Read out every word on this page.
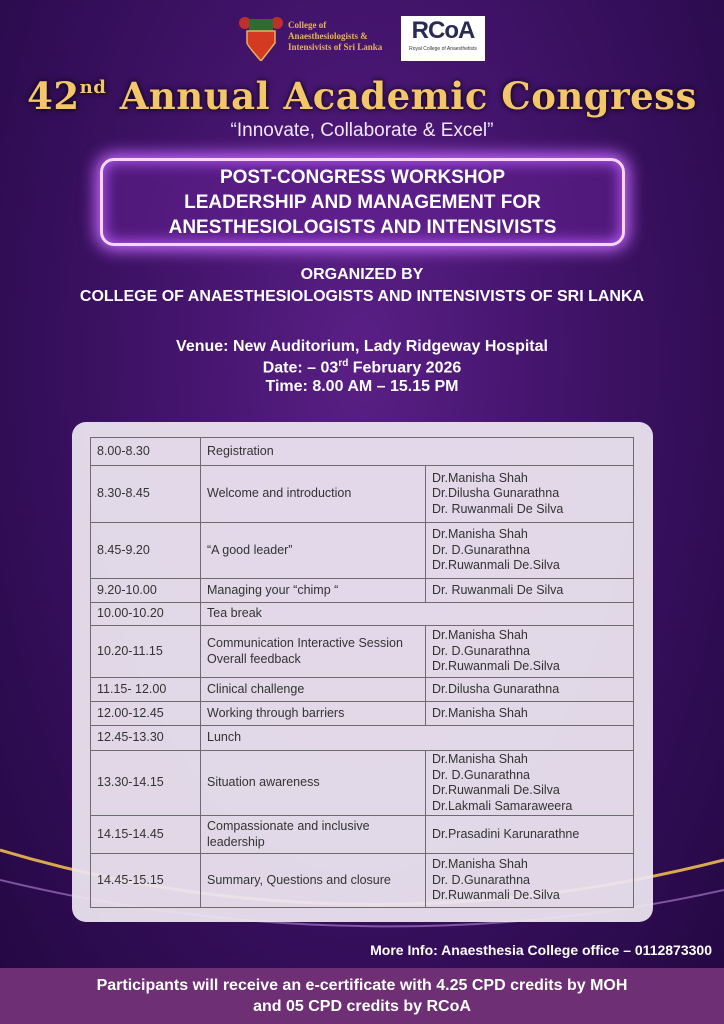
College of
Anaesthesiologists &
Intensivists of Sri Lanka
RCoA
Royal College of Anaesthetists
42nd Annual Academic Congress
“Innovate, Collaborate & Excel”
POST-CONGRESS WORKSHOP
LEADERSHIP AND MANAGEMENT FOR
ANESTHESIOLOGISTS AND INTENSIVISTS
ORGANIZED BY
COLLEGE OF ANAESTHESIOLOGISTS AND INTENSIVISTS OF SRI LANKA
Venue: New Auditorium, Lady Ridgeway Hospital
Date: – 03rd February 2026
Time: 8.00 AM – 15.15 PM
8.00-8.30	Registration	
8.30-8.45	Welcome and introduction	Dr.Manisha Shah
Dr.Dilusha Gunarathna
Dr. Ruwanmali De Silva

8.45-9.20	“A good leader”	Dr.Manisha Shah
Dr. D.Gunarathna
Dr.Ruwanmali De.Silva

9.20-10.00	Managing your “chimp “	Dr. Ruwanmali De Silva

10.00-10.20	Tea break	
10.20-11.15	Communication Interactive Session Overall feedback	Dr.Manisha Shah
Dr. D.Gunarathna
Dr.Ruwanmali De.Silva

11.15- 12.00	Clinical challenge	Dr.Dilusha Gunarathna

12.00-12.45	Working through barriers	Dr.Manisha Shah

12.45-13.30	Lunch	
13.30-14.15	Situation awareness	Dr.Manisha Shah
Dr. D.Gunarathna
Dr.Ruwanmali De.Silva
Dr.Lakmali Samaraweera

14.15-14.45	Compassionate and inclusive leadership	Dr.Prasadini Karunarathne

14.45-15.15	Summary, Questions and closure	Dr.Manisha Shah
Dr. D.Gunarathna
Dr.Ruwanmali De.Silva
More Info: Anaesthesia College office – 0112873300
Participants will receive an e-certificate with 4.25 CPD credits by MOH
and 05 CPD credits by RCoA
